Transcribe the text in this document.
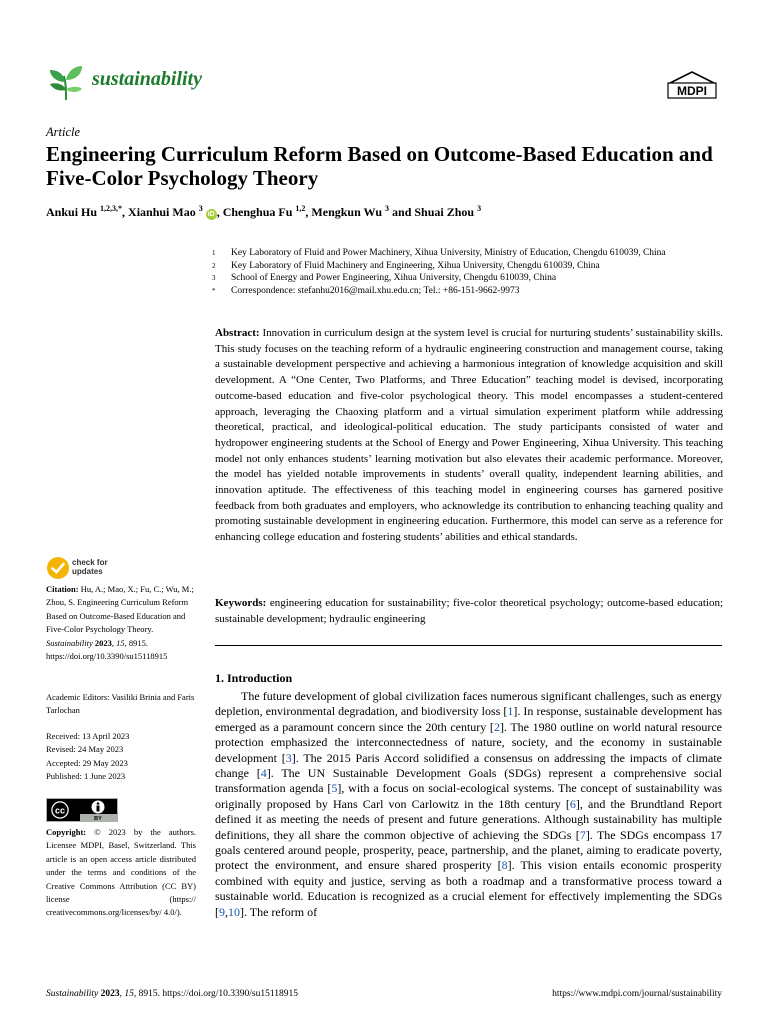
sustainability
MDPI
Article
Engineering Curriculum Reform Based on Outcome-Based Education and Five-Color Psychology Theory
Ankui Hu $^{1,2,3,*}$, Xianhui Mao $^3$ iD , Chenghua Fu $^{1,2}$, Mengkun Wu $^3$ and Shuai Zhou $^3$
1	Key Laboratory of Fluid and Power Machinery, Xihua University, Ministry of Education, Chengdu 610039, China
2	Key Laboratory of Fluid Machinery and Engineering, Xihua University, Chengdu 610039, China
3	School of Energy and Power Engineering, Xihua University, Chengdu 610039, China
*	Correspondence: stefanhu2016@mail.xhu.edu.cn; Tel.: +86-151-9662-9973
Abstract: Innovation in curriculum design at the system level is crucial for nurturing students’ sustainability skills. This study focuses on the teaching reform of a hydraulic engineering construction and management course, taking a sustainable development perspective and achieving a harmonious integration of knowledge acquisition and skill development. A “One Center, Two Platforms, and Three Education” teaching model is devised, incorporating outcome-based education and five-color psychological theory. This model encompasses a student-centered approach, leveraging the Chaoxing platform and a virtual simulation experiment platform while addressing theoretical, practical, and ideological-political education. The study participants consisted of water and hydropower engineering students at the School of Energy and Power Engineering, Xihua University. This teaching model not only enhances students’ learning motivation but also elevates their academic performance. Moreover, the model has yielded notable improvements in students’ overall quality, independent learning abilities, and innovation aptitude. The effectiveness of this teaching model in engineering courses has garnered positive feedback from both graduates and employers, who acknowledge its contribution to enhancing teaching quality and promoting sustainable development in engineering education. Furthermore, this model can serve as a reference for enhancing college education and fostering students’ abilities and ethical standards.
Keywords: engineering education for sustainability; five-color theoretical psychology; outcome-based education; sustainable development; hydraulic engineering
1. Introduction
The future development of global civilization faces numerous significant challenges, such as energy depletion, environmental degradation, and biodiversity loss [1]. In response, sustainable development has emerged as a paramount concern since the 20th century [2]. The 1980 outline on world natural resource protection emphasized the interconnectedness of nature, society, and the economy in sustainable development [3]. The 2015 Paris Accord solidified a consensus on addressing the impacts of climate change [4]. The UN Sustainable Development Goals (SDGs) represent a comprehensive social transformation agenda [5], with a focus on social-ecological systems. The concept of sustainability was originally proposed by Hans Carl von Carlowitz in the 18th century [6], and the Brundtland Report defined it as meeting the needs of present and future generations. Although sustainability has multiple definitions, they all share the common objective of achieving the SDGs [7]. The SDGs encompass 17 goals centered around people, prosperity, peace, partnership, and the planet, aiming to eradicate poverty, protect the environment, and ensure shared prosperity [8]. This vision entails economic prosperity combined with equity and justice, serving as both a roadmap and a transformative process toward a sustainable world. Education is recognized as a crucial element for effectively implementing the SDGs [9,10]. The reform of
check for
updates
Citation: Hu, A.; Mao, X.; Fu, C.; Wu, M.; Zhou, S. Engineering Curriculum Reform Based on Outcome-Based Education and Five-Color Psychology Theory. Sustainability 2023, 15, 8915. https://doi.org/10.3390/su15118915
Academic Editors: Vasiliki Brinia and Faris Tarlochan
Received: 13 April 2023
Revised: 24 May 2023
Accepted: 29 May 2023
Published: 1 June 2023
cc
BY
Copyright: © 2023 by the authors. Licensee MDPI, Basel, Switzerland. This article is an open access article distributed under the terms and conditions of the Creative Commons Attribution (CC BY) license (https:// creativecommons.org/licenses/by/ 4.0/).
Sustainability 2023, 15, 8915. https://doi.org/10.3390/su15118915	https://www.mdpi.com/journal/sustainability
